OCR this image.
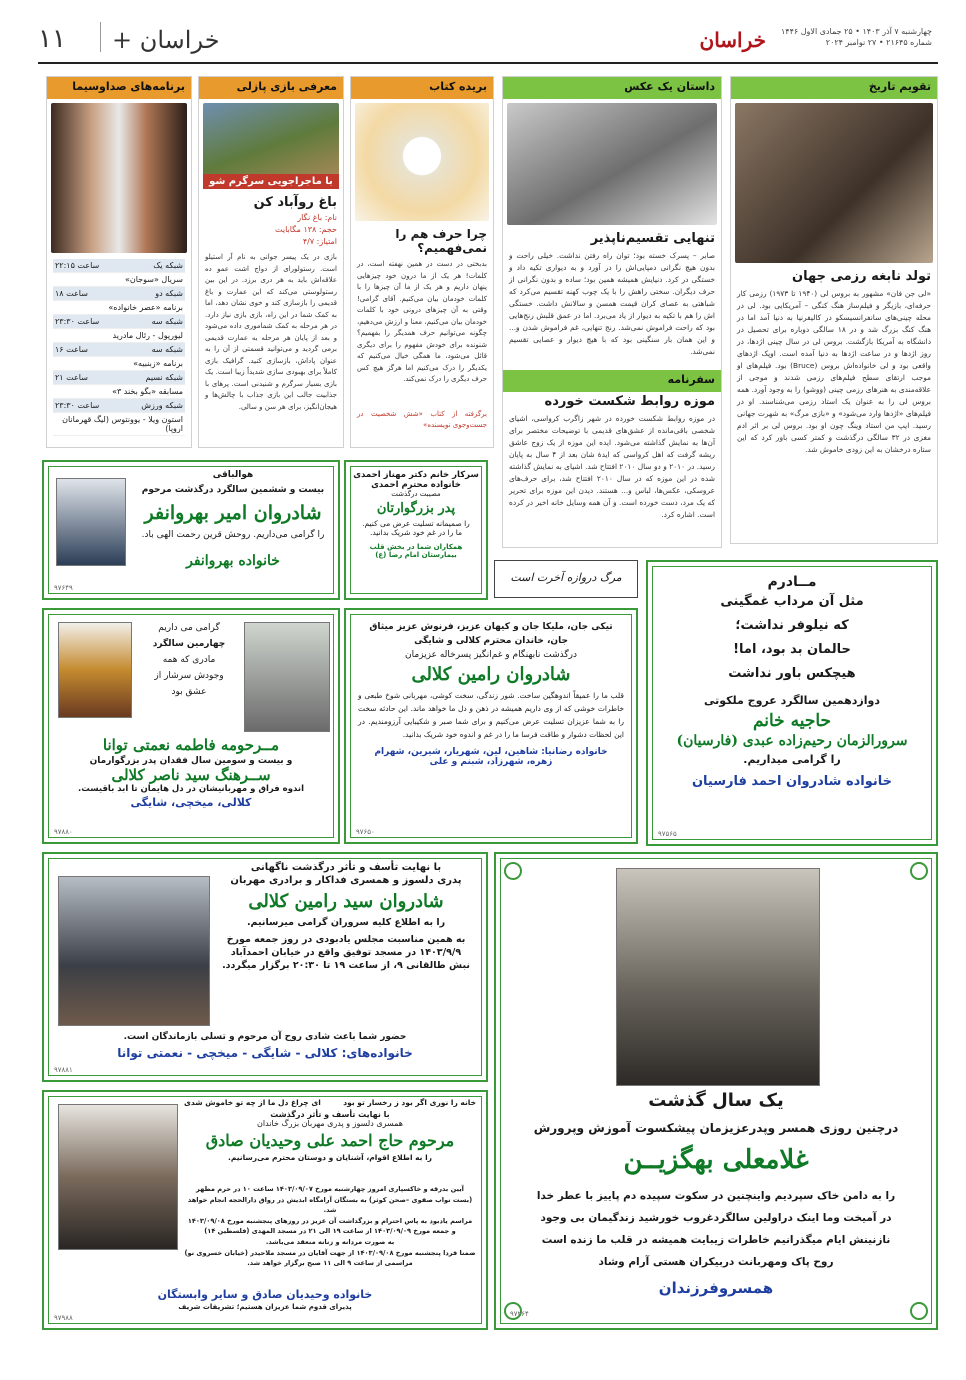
۱۱ خراسان +	خراسان	چهارشنبه ۷ آذر ۱۴۰۳ • ۲۵ جمادی الاول ۱۴۴۶
شماره ۲۱۶۴۵ • ۲۷ نوامبر ۲۰۲۴
تقویم تاریخ
تولد نابغه رزمی جهان
«لی جن فان» مشهور به بروس لی (۱۹۴۰ تا ۱۹۷۳) رزمی کار حرفه‌ای، بازیگر و فیلم‌ساز هنگ کنگی – آمریکایی بود. لی در محله چینی‌های سانفرانسیسکو در کالیفرنیا به دنیا آمد اما در هنگ کنگ بزرگ شد و در ۱۸ سالگی دوباره برای تحصیل در دانشگاه به آمریکا بازگشت. بروس لی در سال چینی اژدها، در روز اژدها و در ساعت اژدها به دنیا آمده است. اوپک اژدهای واقعی بود و لی خانواده‌اش بروس (Bruce) بود. فیلم‌های او موجب ارتقای سطح فیلم‌های رزمی شدند و موجی از علاقه‌مندی به هنرهای رزمی چینی (ووشو) را به وجود آورد. همه بروس لی را به عنوان یک استاد رزمی می‌شناسند. او در فیلم‌های «اژدها وارد می‌شود» و «بازی مرگ» به شهرت جهانی رسید. ایپ من استاد وینگ چون او بود. بروس لی بر اثر ادم مغزی در ۳۲ سالگی درگذشت و کمتر کسی باور کرد که این ستاره درخشان به این زودی خاموش شد.
داستان یک عکس
تنهایی تقسیم‌ناپذیر
صابر – پسرک خسته بود؛ توان راه رفتن نداشت. خیلی راحت و بدون هیچ نگرانی دمپایی‌اش را در آورد و به دیواری تکیه داد و خستگی در کرد. دنیایش همیشه همین بود؛ ساده و بدون نگرانی از حرف دیگران. سختی راهش را با یک چوب کهنه تقسیم می‌کرد که شباهتی به عصای کران قیمت همسن و سالانش داشت. خستگی اش را هم با تکیه به دیوار از یاد می‌برد. اما در عمق قلبش رنج‌هایی بود که راحت فراموش نمی‌شد. رنج تنهایی، غم فراموش شدن و... و این همان بار سنگینی بود که با هیچ دیوار و عصایی تقسیم نمی‌شد.
سفرنامه
موزه روابط شکست خورده
در موزه روابط شکست خورده در شهر زاگرب کرواسی، اشیای شخصی باقی‌مانده از عشق‌های قدیمی با توضیحات مختصر برای آن‌ها به نمایش گذاشته می‌شود. ایده این موزه از یک زوج عاشق ریشه گرفت که اهل کرواسی که ایدهٔ شان بعد از ۴ سال به پایان رسید. در ۲۰۱۰ و دو سال ۲۰۱۰ افتتاح شد. اشیای به نمایش گذاشته شده در این موزه که در سال ۲۰۱۰ افتتاح شد، برای حرف‌های عروسکی، عکس‌ها، لباس و... هستند. دیدن این موزه برای تحریر که یک مرد، دست خورده است. و آن همه وسایل خانه اخیر در کرده است. اشاره کرد.
بریده کتاب
چرا حرف هم را نمی‌فهمیم؟
بدبختی در دست در همین نهفته است، در کلمات! هر یک از ما درون خود چیزهایی پنهان داریم و هر یک از ما آن چیزها را با کلمات خودمان بیان می‌کنیم. آقای گرامی! وقتی به آن چیزهای درونی خود با کلمات خودمان بیان می‌کنیم، معنا و ارزش می‌دهیم، چگونه می‌توانیم حرف همدیگر را بفهمیم؟ شنونده برای خودش مفهوم را برای دیگری قائل می‌شود، ما همگی خیال می‌کنیم که یکدیگر را درک می‌کنیم اما هرگز هیچ کس حرف دیگری را درک نمی‌کند.
برگرفته از کتاب «شش شخصیت در جست‌وجوی نویسنده»
معرفی بازی پازلی
با ماجراجویی سرگرم شو
باغ روآباد کن
نام: باغ نگار
حجم: ۱۳۸ مگابایت
امتیاز: ۴/۷
بازی در یک پیسر جوانی به نام آر استیلو است. رستولورای از دواج اشت عمو ده علاقه‌اش باید به هر دری برزد. در این بین رستولوستی می‌کند که این عمارت و باغ قدیمی را بازسازی کند و خوی نشان دهد، اما به کمک شما در این راه، بازی بازی نیاز دارد. در هر مرحله به کمک شماموری داده می‌شود و بعد از پایان هر مرحله به عمارت قدیمی برمی گردید و می‌توانید قسمتی از آن را به عنوان پاداش، بازسازی کنید. گرافیک بازی کاملاً برای بهبودی سازی شدیداً زیبا است. یک بازی بسیار سرگرم و شنیدنی است. پرهای با جذابیت جالب این بازی جذاب با چالش‌ها و هیجان‌انگیز، برای هر سن و سالی.
برنامه‌های صداوسیما
شبکه یک	ساعت ۲۲:۱۵
سریال «سوجان»	
شبکه دو	ساعت ۱۸
برنامه «عصر خانواده»	
شبکه سه	ساعت ۲۳:۳۰
لیورپول - رئال مادرید	
شبکه سه	ساعت ۱۶
برنامه «زبنبیه»	
شبکه نسیم	ساعت ۲۱
مسابقه «بگو بخند ۳»	
شبکه ورزش	ساعت ۲۳:۳۰
استون ویلا - یوونتوس (لیگ قهرمانان اروپا)	
هوالباقی
بیست و ششمین سالگرد درگذشت مرحوم
شادروان امیر بهروانفر
را گرامی می‌داریم. روحش قرین رحمت الهی باد.
خانواده بهروانفر
۹۷۶۴۹
سرکار خانم دکتر مهناز احمدی
خانواده محترم احمدی
مصیبت درگذشت
پدر بزرگوارتان
را صمیمانه تسلیت عرض می کنیم.
ما را در غم خود شریک بدانید.
همکاران شما در بخش قلب
بیمارستان امام رضا (ع)
مرگ دروازه آخرت است	مــادرم
مثل آن مرداب غمگینی
که نیلوفر نداشت؛
حالمان بد بود، اما!
هیچکس باور نداشت
دوازدهمین سالگرد عروج ملکوتی
حاجیه خانم
سرورالزمان رحیم‌زاده عبدی (فارسیان)
را گرامی میداریم.
خانواده شادروان احمد فارسیان
۹۷۵۶۵
گرامی می داریم
چهارمین سالگرد
مادری که همه
وجودش سرشار از
عشق بود
مــرحومه فاطمه نعمتی توانا
و بیست و سومین سال فقدان پدر بزرگوارمان
ســرهنگ سید ناصر کلالی
اندوه فراق و مهربانیشان در دل هایمان تا ابد باقیست.
کلالی، میخچی، شایگی
۹۷۸۸۰
تیکی جان، ملیکا جان و کیهان عزیز، فرنوش عزیز میثاق جان، خاندان محترم کلالی و شایگی
درگذشت نابهنگام و غم‌انگیز پسرخاله عزیزمان
شادروان رامین کلالی
قلب ما را عمیقاً اندوهگین ساخت. شور زندگی، سخت کوشی، مهربانی شوخ طبعی و خاطرات خوشی که از وی داریم همیشه در ذهن و دل ما خواهد ماند. این حادثه سخت را به شما عزیزان تسلیت عرض می‌کنیم و برای شما صبر و شکیبایی آرزومندیم. در این لحظات دشوار و طاقت فرسا ما را در غم و اندوه خود شریک بدانید.
خانواده رضانیا: شاهین، لین، شهریار، شیرین، شهرام
زهره، شهرزاد، شبنم و علی
۹۷۶۵۰
با نهایت تأسف و تأثر درگذشت ناگهانی
پدری دلسوز و همسری فداکار و برادری مهربان
شادروان سید رامین کلالی
را به اطلاع کلیه سروران گرامی میرسانیم.
به همین مناسبت مجلس یادبودی در روز جمعه مورخ
۱۴۰۳/۹/۹ در مسجد توفیق واقع در خیابان احمدآباد
نبش طالقانی ۹، از ساعت ۱۹ تا ۲۰:۳۰ برگزار میگردد.
حضور شما باعث شادی روح آن مرحوم و تسلی بازماندگان است.
خانواده‌های: کلالی - شایگی - میخچی - نعمتی توانا
۹۷۸۸۱
یک سال گذشت
درچنین روزی همسر وپدرعزیزمان پیشکسوت آموزش وپرورش
غلامعلی بهگزیــن
را به دامن خاک سپردیم واینچنین در سکوت سپیده دم پاییز با عطر خدا
در آمیخت وما اینک دراولین سالگردغروب خورشید زندگیمان بی وجود
نازنینش ایام میگذرانیم خاطرات زیبایت همیشه در قلب ما زنده است
روح پاک ومهربانت دربیکران هستی آرام وشاد
همسروفرزندان
۹۷۲۶۴
خانه را نوری اگر بود ز رخسار تو بود
ای چراغ دل ما از چه تو خاموش شدی
با نهایت تأسف و تأثر درگذشت
همسری دلسوز و پدری مهربان بزرگ خاندان
مرحوم حاج احمد علی وحیدیان صادق
را به اطلاع اقوام، آشنایان و دوستان محترم می‌رسانیم.
آیین بدرقه و خاکسپاری امروز چهارشنبه مورخ ۱۴۰۳/۰۹/۰۷ ساعت ۱۰ در حرم مطهر
(بست نواب صفوی –صحن کوثر) به بستگان آرامگاه ابدیش در رواق دارالحجه انجام خواهد شد.
مراسم یادبود به پاس احترام و بزرگداشت آن عزیز در روزهای پنجشنبه مورخ ۱۴۰۳/۰۹/۰۸
و جمعه مورخ ۱۴۰۳/۰۹/۰۹ از ساعت ۱۹ الی ۲۱ در مسجد المهدی (فلسطین ۱۴)
به صورت مردانه و زنانه منعقد می‌باشد.
ضمنا فردا پنجشنبه مورخ ۱۴۰۳/۰۹/۰۸ از جهت آقایان در مسجد ملاحیدر (خیابان خسروی نو)
مراسمی از ساعت ۹ الی ۱۱ صبح برگزار خواهد شد.
خانواده وحیدیان صادق و سایر وابستگان
پذیرای قدوم شما عزیزان هستیم؛ تشریفات شریف
۹۷۹۸۸
